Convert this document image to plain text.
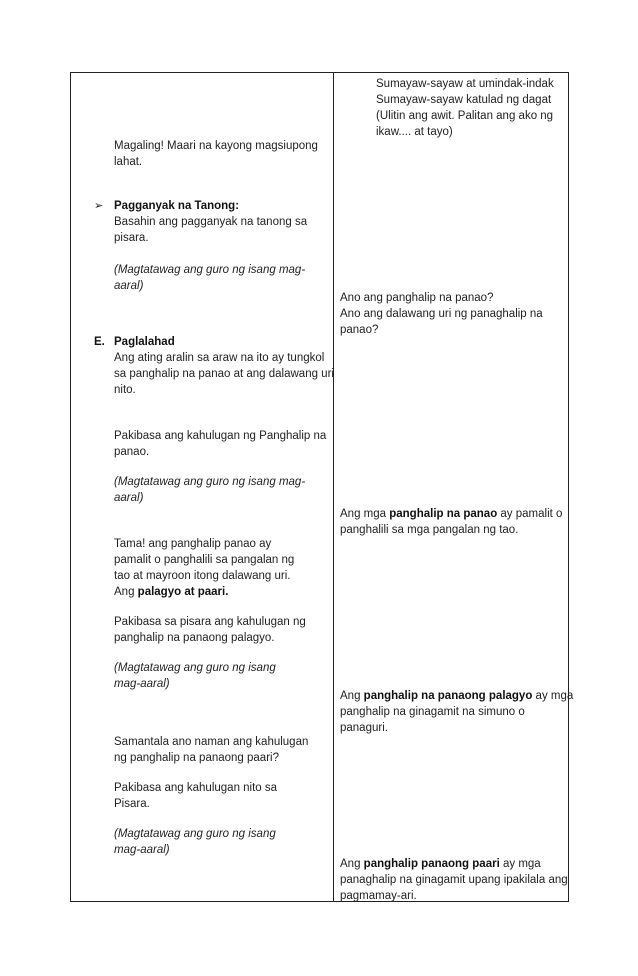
Magaling! Maari na kayong magsiupong
lahat.
➢ Pagganyak na Tanong:
Basahin ang pagganyak na tanong sa
pisara.
(Magtatawag ang guro ng isang mag-
aaral)
E. Paglalahad
Ang ating aralin sa araw na ito ay tungkol
sa panghalip na panao at ang dalawang uri
nito.
Pakibasa ang kahulugan ng Panghalip na
panao.
(Magtatawag ang guro ng isang mag-
aaral)
Tama! ang panghalip panao ay
pamalit o panghalili sa pangalan ng
tao at mayroon itong dalawang uri.
Ang palagyo at paari.
Pakibasa sa pisara ang kahulugan ng
panghalip na panaong palagyo.
(Magtatawag ang guro ng isang
mag-aaral)
Samantala ano naman ang kahulugan
ng panghalip na panaong paari?
Pakibasa ang kahulugan nito sa
Pisara.
(Magtatawag ang guro ng isang
mag-aaral)
Sumayaw-sayaw at umindak-indak
Sumayaw-sayaw katulad ng dagat
(Ulitin ang awit. Palitan ang ako ng
ikaw.... at tayo)
Ano ang panghalip na panao?
Ano ang dalawang uri ng panaghalip na
panao?
Ang mga panghalip na panao ay pamalit o
panghalili sa mga pangalan ng tao.
Ang panghalip na panaong palagyo ay mga
panghalip na ginagamit na simuno o
panaguri.
Ang panghalip panaong paari ay mga
panaghalip na ginagamit upang ipakilala ang
pagmamay-ari.
